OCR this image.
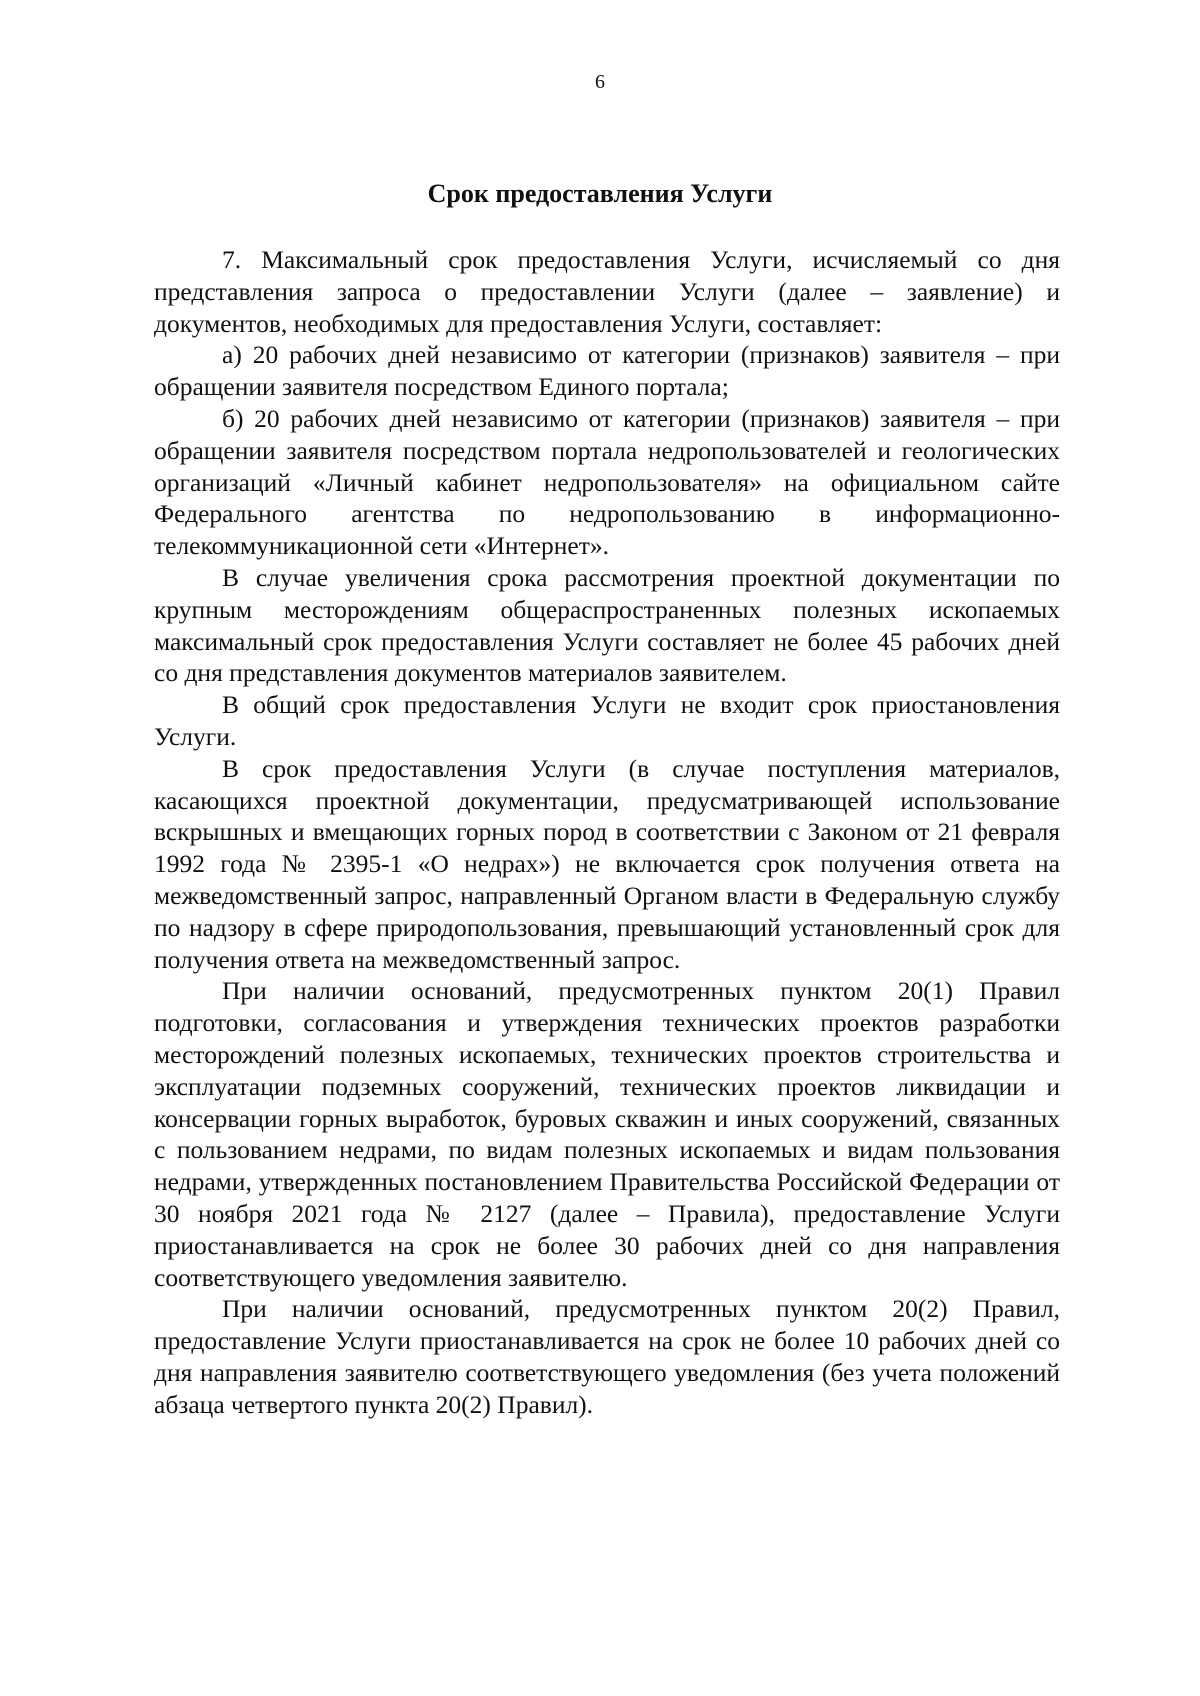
6
Срок предоставления Услуги

7. Максимальный срок предоставления Услуги, исчисляемый со дня представления запроса о предоставлении Услуги (далее – заявление) и документов, необходимых для предоставления Услуги, составляет:

а) 20 рабочих дней независимо от категории (признаков) заявителя – при обращении заявителя посредством Единого портала;

б) 20 рабочих дней независимо от категории (признаков) заявителя – при обращении заявителя посредством портала недропользователей и геологических организаций «Личный кабинет недропользователя» на официальном сайте Федерального агентства по недропользованию в информационно-телекоммуникационной сети «Интернет».

В случае увеличения срока рассмотрения проектной документации по крупным месторождениям общераспространенных полезных ископаемых максимальный срок предоставления Услуги составляет не более 45 рабочих дней со дня представления документов материалов заявителем.

В общий срок предоставления Услуги не входит срок приостановления Услуги.

В срок предоставления Услуги (в случае поступления материалов, касающихся проектной документации, предусматривающей использование вскрышных и вмещающих горных пород в соответствии с Законом от 21 февраля 1992 года № 2395-1 «О недрах») не включается срок получения ответа на межведомственный запрос, направленный Органом власти в Федеральную службу по надзору в сфере природопользования, превышающий установленный срок для получения ответа на межведомственный запрос.

При наличии оснований, предусмотренных пунктом 20(1) Правил подготовки, согласования и утверждения технических проектов разработки месторождений полезных ископаемых, технических проектов строительства и эксплуатации подземных сооружений, технических проектов ликвидации и консервации горных выработок, буровых скважин и иных сооружений, связанных с пользованием недрами, по видам полезных ископаемых и видам пользования недрами, утвержденных постановлением Правительства Российской Федерации от 30 ноября 2021 года № 2127 (далее – Правила), предоставление Услуги приостанавливается на срок не более 30 рабочих дней со дня направления соответствующего уведомления заявителю.

При наличии оснований, предусмотренных пунктом 20(2) Правил, предоставление Услуги приостанавливается на срок не более 10 рабочих дней со дня направления заявителю соответствующего уведомления (без учета положений абзаца четвертого пункта 20(2) Правил).
